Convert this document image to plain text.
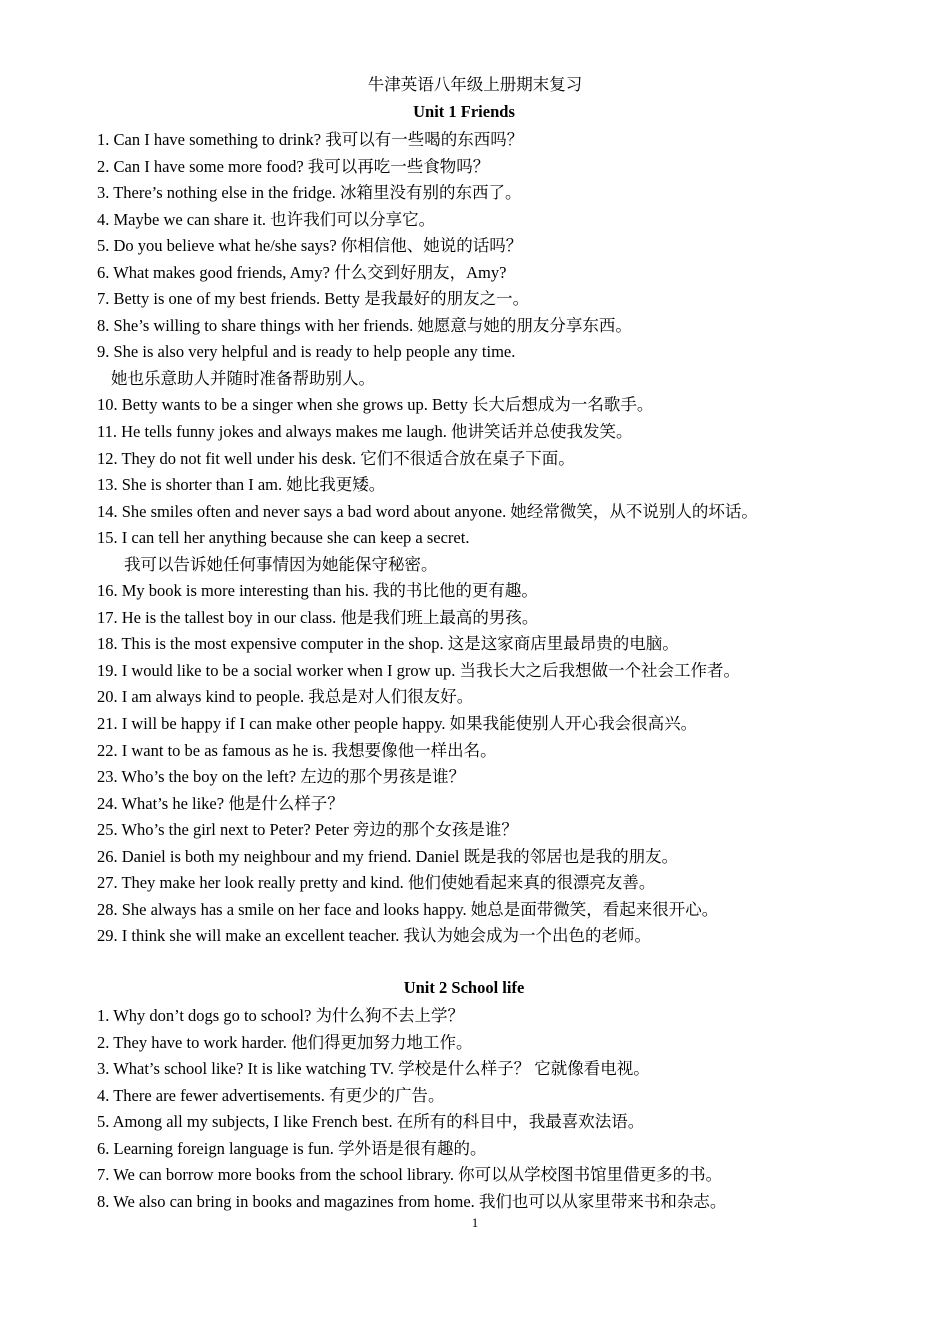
牛津英语八年级上册期末复习
Unit 1 Friends
1. Can I have something to drink? 我可以有一些喝的东西吗？
2. Can I have some more food? 我可以再吃一些食物吗？
3. There’s nothing else in the fridge. 冰箱里没有别的东西了。
4. Maybe we can share it. 也许我们可以分享它。
5. Do you believe what he/she says? 你相信他、她说的话吗？
6. What makes good friends, Amy? 什么交到好朋友，Amy?
7. Betty is one of my best friends. Betty 是我最好的朋友之一。
8. She’s willing to share things with her friends. 她愿意与她的朋友分享东西。
9. She is also very helpful and is ready to help people any time.
她也乐意助人并随时准备帮助别人。
10. Betty wants to be a singer when she grows up. Betty 长大后想成为一名歌手。
11. He tells funny jokes and always makes me laugh. 他讲笑话并总使我发笑。
12. They do not fit well under his desk. 它们不很适合放在桌子下面。
13. She is shorter than I am. 她比我更矮。
14. She smiles often and never says a bad word about anyone. 她经常微笑，从不说别人的坏话。
15. I can tell her anything because she can keep a secret.
我可以告诉她任何事情因为她能保守秘密。
16. My book is more interesting than his. 我的书比他的更有趣。
17. He is the tallest boy in our class. 他是我们班上最高的男孩。
18. This is the most expensive computer in the shop. 这是这家商店里最昂贵的电脑。
19. I would like to be a social worker when I grow up. 当我长大之后我想做一个社会工作者。
20. I am always kind to people. 我总是对人们很友好。
21. I will be happy if I can make other people happy. 如果我能使别人开心我会很高兴。
22. I want to be as famous as he is. 我想要像他一样出名。
23. Who’s the boy on the left? 左边的那个男孩是谁？
24. What’s he like? 他是什么样子？
25. Who’s the girl next to Peter? Peter 旁边的那个女孩是谁？
26. Daniel is both my neighbour and my friend. Daniel 既是我的邻居也是我的朋友。
27. They make her look really pretty and kind. 他们使她看起来真的很漂亮友善。
28. She always has a smile on her face and looks happy. 她总是面带微笑，看起来很开心。
29. I think she will make an excellent teacher. 我认为她会成为一个出色的老师。
Unit 2 School life
1. Why don’t dogs go to school? 为什么狗不去上学？
2. They have to work harder. 他们得更加努力地工作。
3. What’s school like? It is like watching TV. 学校是什么样子？ 它就像看电视。
4. There are fewer advertisements. 有更少的广告。
5. Among all my subjects, I like French best. 在所有的科目中，我最喜欢法语。
6. Learning foreign language is fun. 学外语是很有趣的。
7. We can borrow more books from the school library. 你可以从学校图书馆里借更多的书。
8. We also can bring in books and magazines from home. 我们也可以从家里带来书和杂志。
1
